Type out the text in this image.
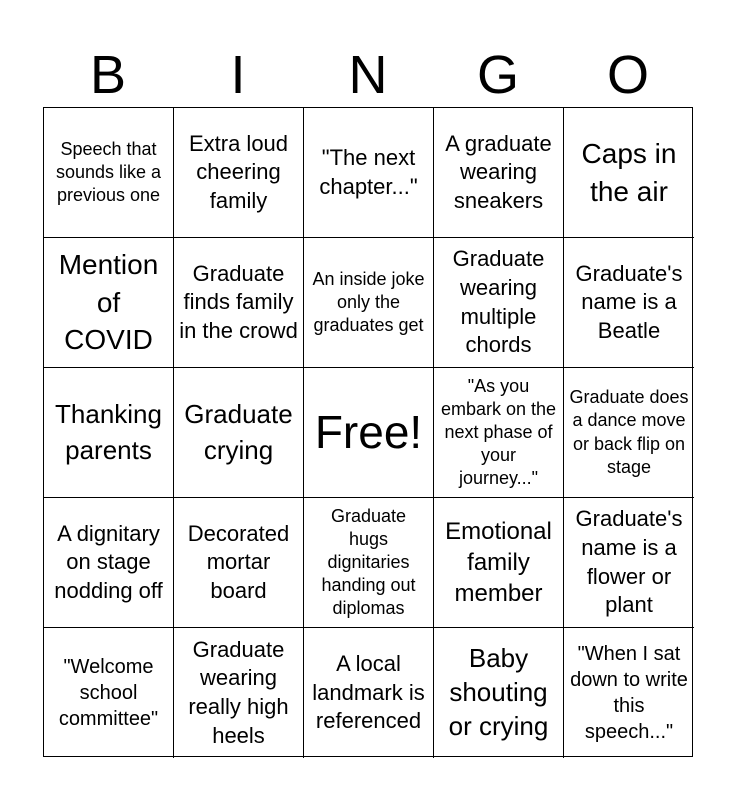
B	I	N	G	O
Speech that sounds like a previous one
Extra loud cheering family
"The next chapter..."
A graduate wearing sneakers
Caps in the air
Mention of COVID
Graduate finds family in the crowd
An inside joke only the graduates get
Graduate wearing multiple chords
Graduate's name is a Beatle
Thanking parents
Graduate crying Free!
"As you embark on the next phase of your journey..."
Graduate does a dance move or back flip on stage
A dignitary on stage nodding off
Decorated mortar board
Graduate hugs dignitaries handing out diplomas
Emotional family member
Graduate's name is a flower or plant
"Welcome school committee"
Graduate wearing really high heels
A local landmark is referenced
Baby shouting or crying
"When I sat down to write this speech..."
